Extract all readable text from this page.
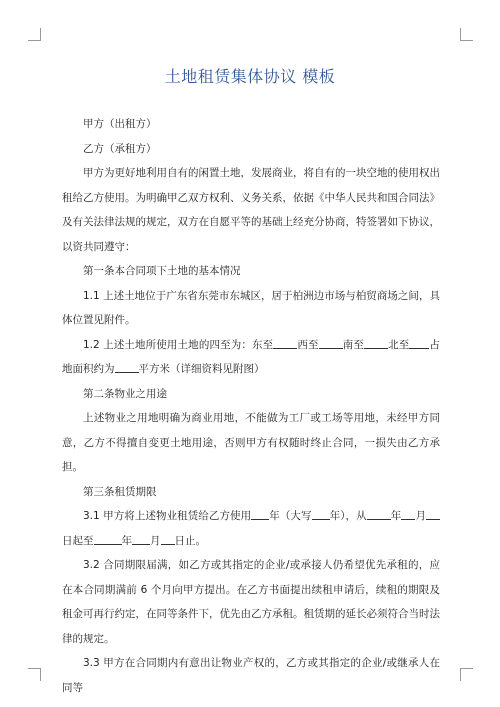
土地租赁集体协议 模板

甲方（出租方）

乙方（承租方）

甲方为更好地利用自有的闲置土地，发展商业，将自有的一块空地的使用权出租给乙方使用。为明确甲乙双方权利、义务关系，依据《中华人民共和国合同法》及有关法律法规的规定，双方在自愿平等的基础上经充分协商，特签署如下协议，以资共同遵守：

第一条本合同项下土地的基本情况

1.1 上述土地位于广东省东莞市东城区，居于柏洲边市场与柏贸商场之间，具体位置见附件。

1.2 上述土地所使用土地的四至为：东至 西至 南至 北至 占地面积约为 平方米（详细资料见附图）

第二条物业之用途

上述物业之用地明确为商业用地，不能做为工厂或工场等用地，未经甲方同意，乙方不得擅自变更土地用途，否则甲方有权随时终止合同，一损失由乙方承担。

第三条租赁期限

3.1 甲方将上述物业租赁给乙方使用 年（大写 年），从 年 月日起至	年 月 日止。

3.2 合同期限届满，如乙方或其指定的企业/或承接人仍希望优先承租的，应在本合同期满前 6 个月向甲方提出。在乙方书面提出续租申请后，续租的期限及租金可再行约定，在同等条件下，优先由乙方承租。租赁期的延长必须符合当时法律的规定。

3.3 甲方在合同期内有意出让物业产权的，乙方或其指定的企业/或继承人在同等
